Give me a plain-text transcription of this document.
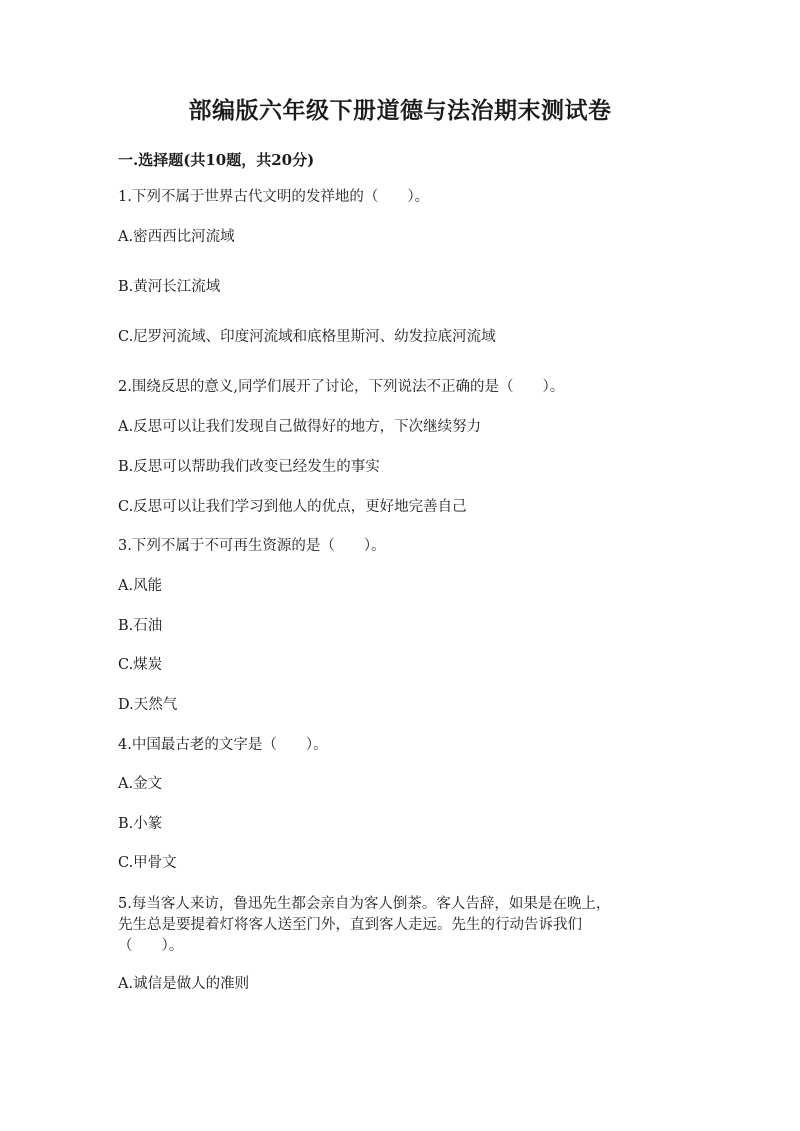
部编版六年级下册道德与法治期末测试卷
一.选择题(共10题，共20分)

1.下列不属于世界古代文明的发祥地的（　　）。

A.密西西比河流域

B.黄河长江流域

C.尼罗河流域、印度河流域和底格里斯河、幼发拉底河流域

2.围绕反思的意义,同学们展开了讨论，下列说法不正确的是（　　）。

A.反思可以让我们发现自己做得好的地方，下次继续努力

B.反思可以帮助我们改变已经发生的事实

C.反思可以让我们学习到他人的优点，更好地完善自己

3.下列不属于不可再生资源的是（　　）。

A.风能

B.石油

C.煤炭

D.天然气

4.中国最古老的文字是（　　）。

A.金文

B.小篆

C.甲骨文

5.每当客人来访，鲁迅先生都会亲自为客人倒茶。客人告辞，如果是在晚上，

先生总是要提着灯将客人送至门外，直到客人走远。先生的行动告诉我们

（　　）。

A.诚信是做人的准则
